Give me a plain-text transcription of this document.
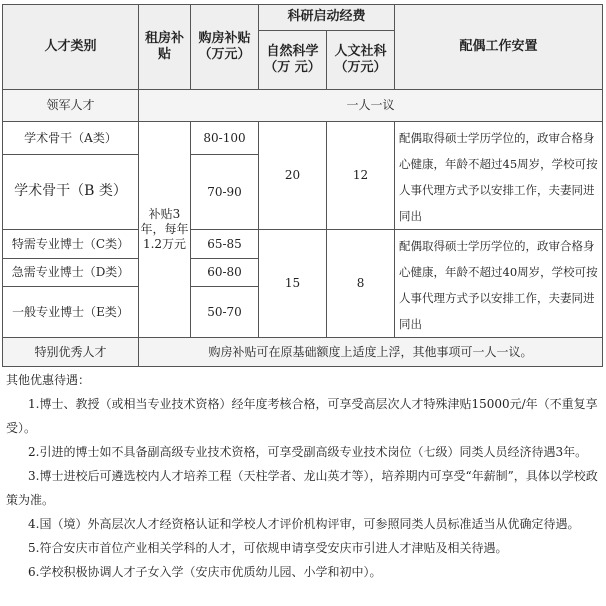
人才类别	租房补贴	购房补贴（万元）	科研启动经费		配偶工作安置
			自然科学（万 元）	人文社科（万元）	
领军人才	一人一议				
学术骨干（A类）	补贴3年，每年1.2万元	80-100	20	12	配偶取得硕士学历学位的，政审合格身心健康，年龄不超过45周岁，学校可按人事代理方式予以安排工作，夫妻同进同出
学术骨干（B 类）		70-90			
特需专业博士（C类）		65-85	15	8	配偶取得硕士学历学位的，政审合格身心健康，年龄不超过40周岁，学校可按人事代理方式予以安排工作，夫妻同进同出
急需专业博士（D类）		60-80			
一般专业博士（E类）		50-70			
特别优秀人才	购房补贴可在原基础额度上适度上浮，其他事项可一人一议。				
其他优惠待遇：
1.博士、教授（或相当专业技术资格）经年度考核合格，可享受高层次人才特殊津贴15000元/年（不重复享受）。
2.引进的博士如不具备副高级专业技术资格，可享受副高级专业技术岗位（七级）同类人员经济待遇3年。
3.博士进校后可遴选校内人才培养工程（天柱学者、龙山英才等），培养期内可享受“年薪制”，具体以学校政策为准。
4.国（境）外高层次人才经资格认证和学校人才评价机构评审，可参照同类人员标准适当从优确定待遇。
5.符合安庆市首位产业相关学科的人才，可依规申请享受安庆市引进人才津贴及相关待遇。
6.学校积极协调人才子女入学（安庆市优质幼儿园、小学和初中）。
